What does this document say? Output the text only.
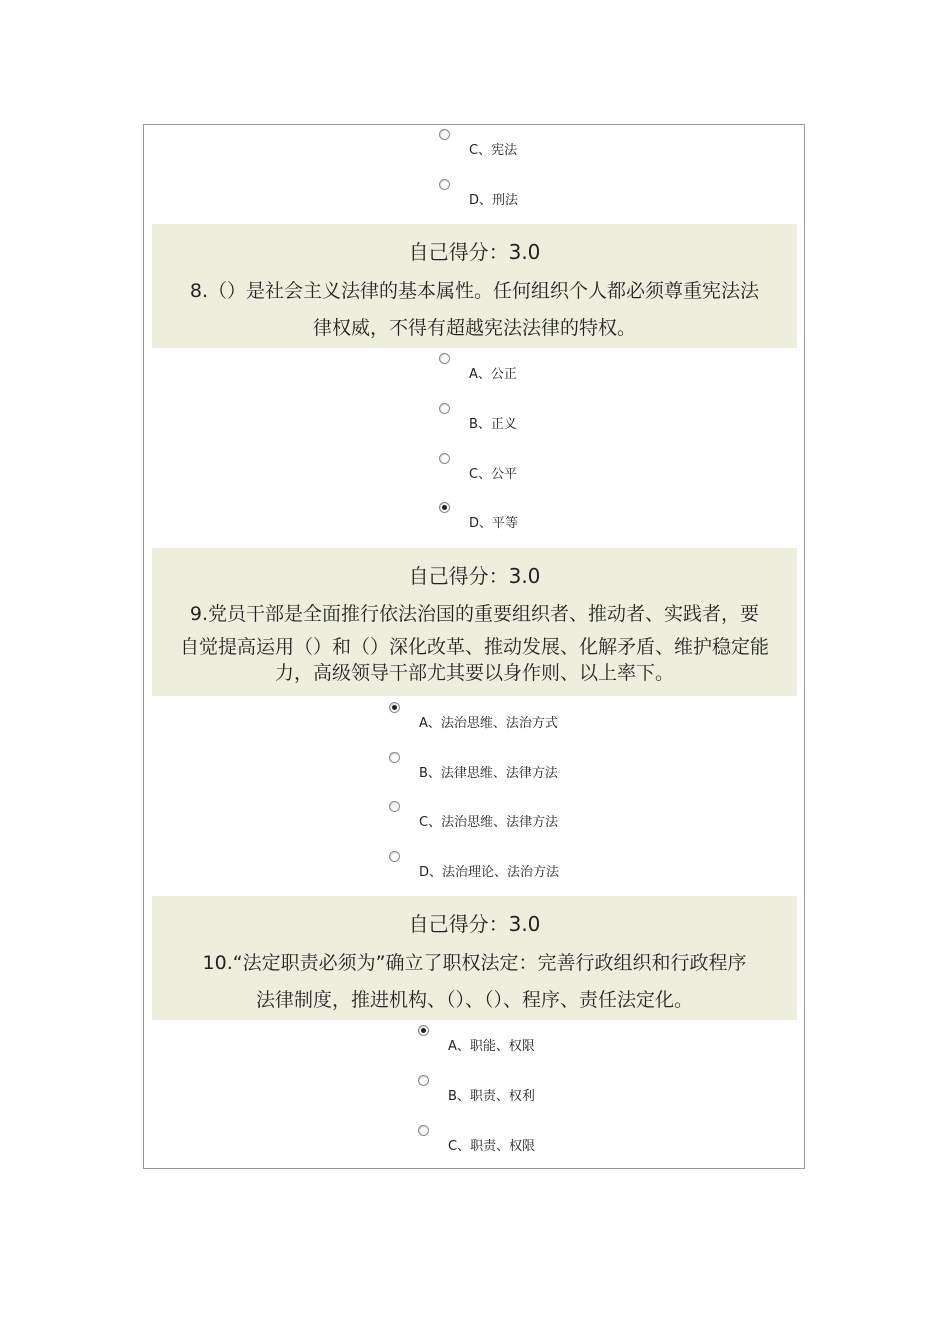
C、宪法
D、刑法
自己得分：3.0
8.（）是社会主义法律的基本属性。任何组织个人都必须尊重宪法法
律权威，不得有超越宪法法律的特权。
A、公正
B、正义
C、公平
D、平等
自己得分：3.0
9.党员干部是全面推行依法治国的重要组织者、推动者、实践者，要
自觉提高运用（）和（）深化改革、推动发展、化解矛盾、维护稳定能
力，高级领导干部尤其要以身作则、以上率下。
A、法治思维、法治方式
B、法律思维、法律方法
C、法治思维、法律方法
D、法治理论、法治方法
自己得分：3.0
10.“法定职责必须为”确立了职权法定：完善行政组织和行政程序
法律制度，推进机构、（）、（）、程序、责任法定化。
A、职能、权限
B、职责、权利
C、职责、权限
